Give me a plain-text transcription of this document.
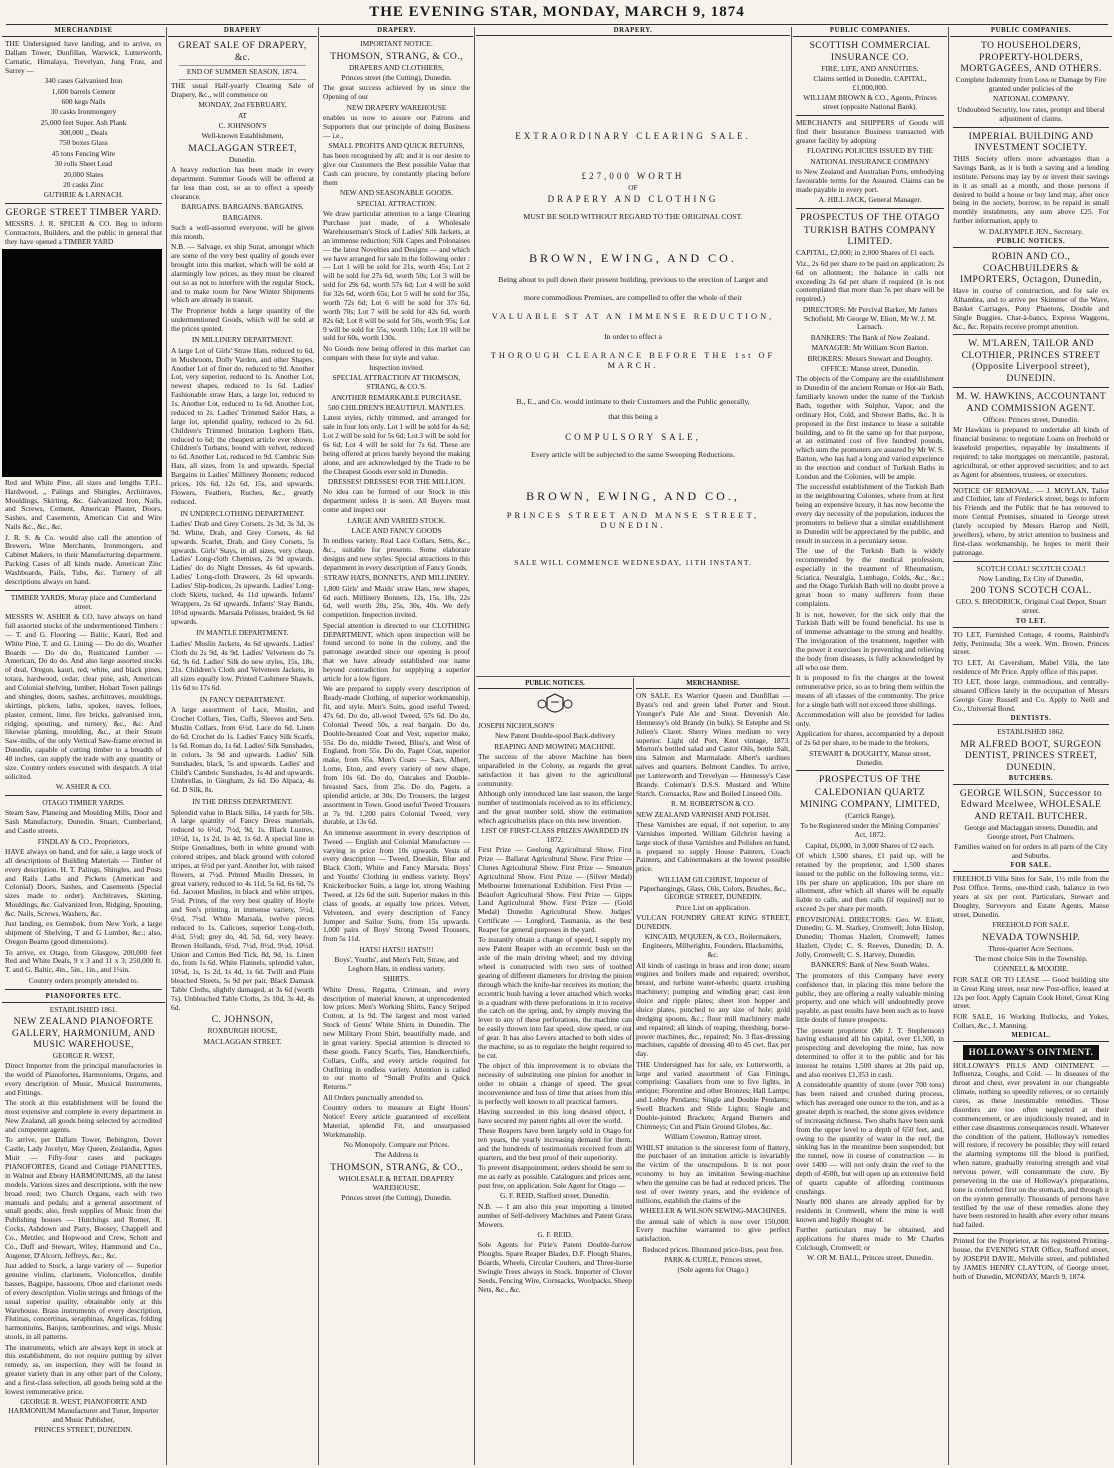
THE EVENING STAR, MONDAY, MARCH 9, 1874
MERCHANDISE

THE Undersigned have landing, and to arrive, ex Dallam Tower, Dunfillan, Warwick, Lutterworth, Carnatic, Himalaya, Trevelyan, Jung Frau, and Surrey —

340 cases Galvanised Iron

1,600 barrels Cement

600 kegs Nails

30 casks Ironmongery

25,000 feet Super. Ash Plank

300,000 ,, Deals

750 boxes Glass

45 tons Fencing Wire

30 rolls Sheet Lead

20,000 Slates

20 casks Zinc

GUTHRIE & LARNACH.

GEORGE STREET TIMBER YARD.

MESSRS. J. R. SPICER & CO. Beg to inform Contractors, Builders, and the public in general that they have opened a TIMBER YARD

Red and White Pine, all sizes and lengths T.P.L. Hardwood, ,, Palings and Shingles, Architraves, Mouldings, Skirting, &c. Galvanized Iron, Nails, and Screws, Cement, American Plaster, Doors, Sashes, and Casements, American Cut and Wire Nails &c., &c., &c.

J. R. S. & Co. would also call the attention of Brewers, Wine Merchants, Ironmongers, and Cabinet Makers, to their Manufacturing department. Packing Cases of all kinds made. American Zinc Washboards, Pails, Tubs, &c. Turnery of all descriptions always on hand.

TIMBER YARDS, Moray place and Cumberland street.

MESSRS W. ASHER & CO. have always on hand full assorted stocks of the undermentioned Timbers :— T. and G. Flooring — Baltic, Kauri, Red and White Pine, T. and G. Lining — Do do do, Weather Boards — Do do do, Rusticated Lumber — American, Do do do. And also large assorted stocks of deal, Oregon, kauri, red, white, and black pines, totara, hardwood, cedar, clear pine, ash, American and Colonial shelving, lumber, Hobart Town palings and shingles, doors, sashes, architraves, mouldings, skirtings, pickets, laths, spokes, naves, felloes, plaster, cement, lime, fire bricks, galvanised iron, ridging, spouting, and turnery, &c., &c. And likewise planing, moulding, &c., at their Steam Saw-mills, of the only Vertical Saw-frame erected in Dunedin, capable of cutting timber to a breadth of 48 inches, can supply the trade with any quantity or size. Country orders executed with despatch. A trial solicited.

W. ASHER & CO.

OTAGO TIMBER YARDS.

Steam Saw, Planeing and Moulding Mills, Door and Sash Manufactory, Dunedin. Stuart, Cumberland, and Castle streets.

FINDLAY & CO., Proprietors,

HAVE always on hand, and for sale, a large stock of all descriptions of Building Materials — Timber of every description. H. T. Palings, Shingles, and Posts and Rails Laths and Pickets (American and Colonial) Doors, Sashes, and Casements (Special sizes made to order). Architraves, Skirting, Mouldings, &c. Galvanized Iron, Ridging, Spouting, &c. Nails, Screws, Washers, &c.

Just landing, ex Gemsbok, from New York, a large shipment of Shelving, T and G Lumber, &c.; also, Oregon Beams (good dimensions).

To arrive, ex Otago, from Glasgow, 200,000 feet Red and White Deals, 9 x 3 and 11 x 3; 250,000 ft. T. and G. Baltic, 4in., 5in., 1in., and 1¼in.

Country orders promptly attended to.

PIANOFORTES ETC.

ESTABLISHED 1861.

NEW ZEALAND PIANOFORTE GALLERY, HARMONIUM, AND MUSIC WAREHOUSE,

GEORGE R. WEST,

Direct Importer from the principal manufactories in the world of Pianofortes, Harmoniums, Organs, and every description of Music, Musical Instruments, and Fittings.

The stock at this establishment will be found the most extensive and complete in every department in New Zealand, all goods being selected by accredited and competent agents.

To arrive, per Dallam Tower, Bebington, Dover Castle, Lady Jocelyn, May Queen, Zealandia, Agnes Muir — Fifty-four cases and packages PIANOFORTES, Grand and Cottage PIANETTES, in Walnut and Ebony HARMONIUMS, all the latest models. Various sizes and descriptions, with the new broad reed; two Church Organs, each with two manuals and pedals; and a general assortment of small goods; also, fresh supplies of Music from the Publishing houses — Hutchings and Romer, R. Cocks, Ashdown and Parry, Boosey, Chappell and Co., Metzler, and Hopwood and Crew, Schott and Co., Duff and Stewart, Wiley, Hammond and Co., Augener, D'Alcorn, Jeffreys, &c., &c.

Just added to Stock, a large variety of — Superior genuine violins, clarionets, Violoncellos, double basses, Bagpipe, bassoons, Oboe and clarionet reeds of every description. Violin strings and fittings of the usual superior quality, obtainable only at this Warehouse. Brass instruments of every description, Flutinas, concertinas, seraphinas, Angelicas, folding harmoniums, Banjos, tambourines, and wigs. Music stools, in all patterns.

The instruments, which are always kept in stock at this establishment, do not require putting by silver remedy, as, on inspection, they will be found in greater variety than in any other part of the Colony, and a first-class selection, all goods being sold at the lowest remunerative price.

GEORGE R. WEST, PIANOFORTE AND HARMONIUM Manufacturer and Tuner, Importer and Music Publisher,

PRINCES STREET, DUNEDIN.

DRAPERY

GREAT SALE OF DRAPERY, &c.

END OF SUMMER SEASON, 1874.

THE usual Half-yearly Clearing Sale of Drapery, &c., will commence on

MONDAY, 2nd FEBRUARY,

AT

C. JOHNSON'S

Well-known Establishment,

MACLAGGAN STREET,

Dunedin.

A heavy reduction has been made in every department. Summer Goods will be offered at far less than cost, so as to effect a speedy clearance.

BARGAINS. BARGAINS. BARGAINS.

BARGAINS.

Such a well-assorted everyone, will be given this month.

N.B. — Salvage, ex ship Surat, amongst which are some of the very best quality of goods ever brought into this market, which will be sold at alarmingly low prices, as they must be cleared out so as not to interfere with the regular Stock, and to make room for New Winter Shipments which are already in transit.

The Proprietor holds a large quantity of the undermentioned Goods, which will be sold at the prices quoted.

IN MILLINERY DEPARTMENT.

A large Lot of Girls' Straw Hats, reduced to 6d, in Mushroom, Dolly Varden, and other Shapes. Another Lot of finer do, reduced to 9d. Another Lot, very superior, reduced to 1s. Another Lot, newest shapes, reduced to 1s 6d. Ladies' Fashionable straw Hats, a large lot, reduced to 1s. Another Lot, reduced to 1s 6d. Another Lot, reduced to 2s. Ladies' Trimmed Sailor Hats, a large lot, splendid quality, reduced to 2s 6d. Children's Trimmed Imitation Leghorn Hats, reduced to 6d; the cheapest article ever shown. Children's Turbans, bound with velvet, reduced to 6d. Another Lot, reduced to 9d. Cambric Sun Hats, all sizes, from 1s and upwards. Special Bargains in Ladies' Millinery Bonnets; reduced prices, 10s 6d, 12s 6d, 15s, and upwards. Flowers, Feathers, Ruches, &c., greatly reduced.

IN UNDERCLOTHING DEPARTMENT.

Ladies' Drab and Grey Corsets, 2s 3d, 3s 3d, 3s 9d. White, Drab, and Grey Corsets, 4s 6d upwards. Scarlet, Drab, and Grey Corsets, 5s upwards. Girls' Stays, in all sizes, very cheap. Ladies' Long-cloth Chemises, 2s 9d upwards. Ladies' do do Night Dresses, 4s 6d upwards. Ladies' Long-cloth Drawers, 2s 6d upwards. Ladies' Slip-bodices, 2s upwards. Ladies' Long-cloth Skirts, tucked, 4s 11d upwards. Infants' Wrappers, 2s 6d upwards. Infants' Stay Bands, 10½d upwards. Marsala Pelisses, braided, 9s 6d upwards.

IN MANTLE DEPARTMENT.

Ladies' Muslin Jackets, 4s 6d upwards. Ladies' Cloth do 2s 9d, 4s 9d. Ladies' Velveteen do 7s 6d, 9s 6d. Ladies' Silk do new styles, 15s, 18s, 21s. Children's Cloth and Velveteen Jackets, in all sizes equally low. Printed Cashmere Shawls, 11s 6d to 17s 6d.

IN FANCY DEPARTMENT.

A large assortment of Lace, Muslin, and Crochet Collars, Ties, Cuffs, Sleeves and Sets. Muslin Collars, from 6½d. Lace do 6d. Linen do 6d. Crochet do 1s. Ladies' Fancy Silk Scarfs, 1s 6d. Roman do, 1s 6d. Ladies' Silk Sunshades, in colors, 3s 9d and upwards. Ladies' Silk Sunshades, black, 5s and upwards. Ladies' and Child's Cambric Sunshades, 1s 4d and upwards. Umbrellas, in Gingham, 2s 6d. Do Alpaca, 4s 6d. D Silk, 8s.

IN THE DRESS DEPARTMENT.

Splendid value in Black Silks, 14 yards for 50s. A large quantity of Fancy Dress materials, reduced to 6½d, 7½d, 9d, 1s. Black Lustres, 10½d, 1s, 1s 2d, 1s 4d, 1s 6d. A special line in Stripe Grenadines, both in white ground with colored stripes, and black ground with colored stripes, at 6½d per yard. Another lot, with raised flowers, at 7½d. Printed Muslin Dresses, in great variety, reduced to 4s 11d, 5s 6d, 6s 6d, 7s 6d. Jaconet Muslins, in black and white stripes, 5½d. Prints, of the very best quality of Hoyle and Son's printing, in immense variety, 5½d, 6½d, 7½d. White Marsala, twelve pieces reduced to 1s. Calicoes, superior Long-cloth, 4½d, 5½d; grey do, 4d, 5d, 6d, very heavy. Brown Hollands, 6½d, 7½d, 8½d, 9½d, 10½d. Union and Cotton Bed Tick, 8d, 9d, 1s. Linen do, from 1s 6d. White Flannels, splendid value, 10½d, 1s, 1s 2d, 1s 4d, 1s 6d. Twill and Plain bleached Sheets, 5s 9d per pair. Black Damask Table Cloths, slightly damaged, at 3s 6d (worth 7s). Unbleached Table Cloths, 2s 10d, 3s 4d, 4s 6d.

C. JOHNSON,

ROXBURGH HOUSE,

MACLAGGAN STREET.

DRAPERY.

IMPORTANT NOTICE.

THOMSON, STRANG, & CO.,

DRAPERS AND CLOTHIERS,

Princes street (the Cutting), Dunedin.

The great success achieved by us since the Opening of our

NEW DRAPERY WAREHOUSE

enables us now to assure our Patrons and Supporters that our principle of doing Business — i.e.,

SMALL PROFITS AND QUICK RETURNS,

has been recognised by all; and it is our desire to give our Customers the Best possible Value that Cash can procure, by constantly placing before them

NEW AND SEASONABLE GOODS.

SPECIAL ATTRACTION.

We draw particular attention to a large Clearing Purchase just made, of a Wholesale Warehouseman's Stock of Ladies' Silk Jackets, at an immense reduction; Silk Capes and Polonaises — the latest Novelties and Designs — and which we have arranged for sale in the following order :— Lot 1 will be sold for 21s, worth 45s; Lot 2 will be sold for 27s 6d, worth 50s; Lot 3 will be sold for 29s 6d, worth 57s 6d; Lot 4 will be sold for 32s 6d, worth 65s; Lot 5 will be sold for 35s, worth 72s 6d; Lot 6 will be sold for 37s 6d, worth 70s; Lot 7 will be sold for 42s 6d, worth 82s 6d; Lot 8 will be sold for 50s, worth 95s; Lot 9 will be sold for 55s, worth 110s; Lot 10 will be sold for 60s, worth 130s.

No Goods now being offered in this market can compare with these for style and value.

Inspection invited.

SPECIAL ATTRACTION AT THOMSON, STRANG, & CO.'S.

ANOTHER REMARKABLE PURCHASE.

500 CHILDREN'S BEAUTIFUL MANTLES.

Latest styles, richly trimmed, and arranged for sale in four lots only. Lot 1 will be sold for 4s 6d; Lot 2 will be sold for 5s 6d; Lot 3 will be sold for 6s 6d; Lot 4 will be sold for 7s 6d. These are being offered at prices barely beyond the making alone, and are acknowledged by the Trade to be the Cheapest Goods ever sold in Dunedin.

DRESSES! DRESSES! FOR THE MILLION.

No idea can be formed of our Stock in this department unless it is seen. All Buyers must come and inspect our

LARGE AND VARIED STOCK.

LACE AND FANCY GOODS

In endless variety. Real Lace Collars, Setts, &c., &c., suitable for presents. Some elaborate designs and new styles. Special attractions in this department in every description of Fancy Goods.

STRAW HATS, BONNETS, AND MILLINERY.

1,800 Girls' and Maids' straw Hats, new shapes, 6d each. Millinery Bonnets, 12s, 15s, 18s, 22s 6d, well worth 20s, 25s, 30s, 40s. We defy competition. Inspection invited.

Special attention is directed to our CLOTHING DEPARTMENT, which upon inspection will be found second to none in the colony, and the patronage awarded since our opening is proof that we have already established our name beyond contradiction for supplying a superior article for a low figure.

We are prepared to supply every description of Ready-made Clothing, of superior workmanship, fit, and style. Men's Suits, good useful Tweed, 47s 6d. Do do, all-wool Tweed, 57s 6d. Do do, Colonial Tweed 50s, a real bargain. Do do, Double-breasted Coat and Vest, superior make, 55s. Do do, middle Tweed, Bliss's, and West of England, from 55s. Do do, Paget Coat, superior make, from 65s. Men's Coats — Sacs, Albert, Lorne, Eton, and every variety of new shape, from 10s 6d. Do do, Oatcakes and Double-breasted Sacs, from 25s. Do do, Pagets, a splendid article, at 30s. Do Trousers, the largest assortment in Town. Good useful Tweed Trousers at 7s 9d. 1,200 pairs Colonial Tweed, very durable, at 13s 6d.

An immense assortment in every description of Tweed — English and Colonial Manufacture — varying in price from 10s upwards. Vests of every description — Tweed, Doeskin, Blue and Black Cloth, White and Fancy Marsala. Boys' and Youths' Clothing in endless variety. Boys' Knickerbocker Suits, a large lot, strong Washing Tweed, at 12s 6d the suit. Superior makes in this class of goods, at equally low prices. Velvet, Velveteen, and every description of Fancy Jumper and Sailor Suits, from 15s upwards. 1,000 pairs of Boys' Strong Tweed Trousers, from 5s 11d.

HATS! HATS!! HATS!!!

Boys', Youths', and Men's Felt, Straw, and Leghorn Hats, in endless variety.

SHIRTS.

White Dress, Regatta, Crimean, and every description of material known, at unprecedented low prices. Men's Working Shirts, Fancy Striped Cotton, at 1s 9d. The largest and most varied Stock of Gents' White Shirts in Dunedin. The new Military Front Shirt, beautifully made, and in great variety. Special attention is directed to these goods. Fancy Scarfs, Ties, Handkerchiefs, Collars, Cuffs, and every article required for Outfitting in endless variety. Attention is called to our motto of “Small Profits and Quick Returns.”

All Orders punctually attended to.

Country orders to measure at Eight Hours' Notice! Every article guaranteed of excellent Material, splendid Fit, and unsurpassed Workmanship.

No Monopoly. Compare our Prices.

The Address is

THOMSON, STRANG, & CO.,

WHOLESALE & RETAIL DRAPERY WAREHOUSE,

Princes street (the Cutting), Dunedin.

DRAPERY.

EXTRAORDINARY CLEARING SALE.

£27,000 WORTH

OF

DRAPERY AND CLOTHING

MUST BE SOLD WITHOUT REGARD TO THE ORIGINAL COST.

BROWN, EWING, AND CO.

Being about to pull down their present building, previous to the erection of Larger and

more commodious Premises, are compelled to offer the whole of their

VALUABLE ST AT AN IMMENSE REDUCTION,

In order to effect a

THOROUGH CLEARANCE BEFORE THE 1st OF MARCH.

B., E., and Co. would intimate to their Customers and the Public generally,

that this being a

COMPULSORY SALE,

Every article will be subjected to the same Sweeping Reductions.

BROWN, EWING, AND CO.,

PRINCES STREET AND MANSE STREET, DUNEDIN.

SALE WILL COMMENCE WEDNESDAY, 11TH INSTANT.

PUBLIC NOTICES.

JOSEPH NICHOLSON'S

New Patent Double-spool Back-delivery

REAPING AND MOWING MACHINE.

The success of the above Machine has been unparalleled in the Colony, as regards the great satisfaction it has given to the agricultural community.

Although only introduced late last season, the large number of testimonials received as to its efficiency, and the great number sold, show the estimation which agriculturists place on this new invention.

LIST OF FIRST-CLASS PRIZES AWARDED IN 1872.

First Prize — Geelong Agricultural Show. First Prize — Ballarat Agricultural Show. First Prize — Clunes Agricultural Show. First Prize — Smeaton Agricultural Show. First Prize — (Silver Medal) Melbourne International Exhibition. First Prize — Beaufort Agricultural Show. First Prize — Gipps Land Agricultural Show. First Prize — (Gold Medal) Dunedin Agricultural Show. Judges' Certificate — Longford, Tasmania, as the best Reaper for general purposes in the yard.

To instantly obtain a change of speed, I supply my new Patent Reaper with an eccentric bush on the axle of the main driving wheel; and my driving wheel is constructed with two sets of toothed gearing of different diameters for driving the pinion through which the knife-bar receives its motion; the eccentric bush having a lever attached which works in a quadrant with three perforations in it to receive the catch on the spring, and, by simply moving the lever to any of these perforations, the machine can be easily thrown into fast speed, slow speed, or out of gear. It has also Levers attached to both sides of the machine, so as to regulate the height required to be cut.

The object of this improvement is to obviate the necessity of substituting one pinion for another in order to obtain a change of speed. The great inconvenience and loss of time that arises from this is perfectly well known to all practical farmers.

Having succeeded in this long desired object, I have secured my patent rights all over the world.

These Reapers have been largely sold in Otago for ten years, the yearly increasing demand for them, and the hundreds of testimonials received from all quarters, and the best proof of their superiority.

To prevent disappointment, orders should be sent to me as early as possible. Catalogues and prices sent, post free, on application. Sole Agent for Otago —

G. F. REID, Stafford street, Dunedin.

N.B. — I am also this year importing a limited number of Self-delivery Machines and Patent Grass Mowers.

G. F. REID.

Sole Agents for Pirie's Patent Double-furrow Ploughs. Spare Reaper Blades, D.F. Plough Shares, Boards, Wheels, Circular Coulters, and Three-horse Swingle Trees always in Stock. Importer of Clover Seeds, Fencing Wire, Cornsacks, Woolpacks, Sheep Nets, &c., &c.

MERCHANDISE.

ON SALE. Ex Warrior Queen and Dunfillan — Byass's red and green label Porter and Stout. Younger's Pale Ale and Stout. Devenish Ale. Hennessy's old Brandy (in bulk). St Estephe and St Julien's Claret. Sherry Wines medium to very superior. Light old Port, Kent vintage, 1873. Morton's bottled salad and Castor Oils, bottle Salt, tins Salmon and Marmalade. Albert's sardines salves and quarters. Belmont Candles. To arrive, per Lutterworth and Trevelyan — Hennessy's Case Brandy. Coleman's D.S.S. Mustard and White Starch. Cornsacks, Raw and Boiled Linseed Oils.

R. M. ROBERTSON & CO.

NEW ZEALAND VARNISH AND POLISH.

These Varnishes are equal, if not superior, to any Varnishes imported. William Gilchrist having a large stock of these Varnishes and Polishes on hand, is prepared to supply House Painters, Coach Painters, and Cabinetmakers at the lowest possible price.

WILLIAM GILCHRIST, Importer of Paperhangings, Glass, Oils, Colors, Brushes, &c., GEORGE STREET, DUNEDIN.

Price List on application.

VULCAN FOUNDRY GREAT KING STREET, DUNEDIN.

KINCAID, M'QUEEN, & CO., Boilermakers, Engineers, Millwrights, Founders, Blacksmiths, &c.

All kinds of castings in brass and iron done; steam engines and boilers made and repaired; overshot, breast, and turbine water-wheels; quartz crushing machinery; pumping and winding gear; cast iron sluice and ripple plates; sheet iron hopper and sluice plates, punched to any size of hole; gold dredging spoons, &c.; flour mill machinery made and repaired; all kinds of reaping, threshing, horse-power machines, &c., repaired; No. 3 flax-dressing machines, capable of dressing 40 to 45 cwt. flax per day.

THE Undersigned has for sale, ex Lutterworth, a large and varied assortment of Gas Fittings, comprising: Gasaliers from one to five lights, in antique; Florentine and other Bronzes; Hall Lamps; and Lobby Pendants; Single and Double Pendants; Swell Brackets and Slide Lights; Single and Double-jointed Brackets; Argand Burners and Chimneys; Cut and Plain Ground Globes, &c.

William Cowston, Rattray street.

WHILST imitation is the sincerest form of flattery, the purchaser of an imitation article is invariably the victim of the unscrupulous. It is not poor economy to buy an imitation Sewing-machine when the genuine can be had at reduced prices. The test of over twenty years, and the evidence of millions, establish the claims of the

WHEELER & WILSON SEWING-MACHINES,

the annual sale of which is now over 150,000. Every machine warranted to give perfect satisfaction.

Reduced prices. Illustrated price-lists, post free.

PARK & CURLE, Princes street,

(Sole agents for Otago.)

PUBLIC COMPANIES.

SCOTTISH COMMERCIAL INSURANCE CO.

FIRE, LIFE, AND ANNUITIES.

Claims settled in Dunedin. CAPITAL, £1,000,000.

WILLIAM BROWN & CO., Agents, Princes street (opposite National Bank).

MERCHANTS and SHIPPERS of Goods will find their Insurance Business transacted with greater facility by adopting

FLOATING POLICIES ISSUED BY THE

NATIONAL INSURANCE COMPANY

to New Zealand and Australian Ports, embodying favourable terms for the Assured. Claims can be made payable in every port.

A. HILL JACK, General Manager.

PROSPECTUS OF THE OTAGO

TURKISH BATHS COMPANY LIMITED.

CAPITAL, £2,000; in 2,000 Shares of £1 each.

Viz., 2s 6d per share to be paid on application; 2s 6d on allotment; the balance in calls not exceeding 2s 6d per share if required (it is not contemplated that more than 5s per share will be required.)

DIRECTORS: Mr Percival Barker, Mr James Schofield, Mr George W. Eliott, Mr W. J. M. Larnach.

BANKERS: The Bank of New Zealand.

MANAGER: Mr William Scott Barton.

BROKERS: Messrs Stewart and Doughty.

OFFICE: Manse street, Dunedin.

The objects of the Company are the establishment in Dunedin of the ancient Roman or Hot-air Bath, familiarly known under the name of the Turkish Bath, together with Sulphur, Vapor, and the ordinary Hot, Cold, and Shower Baths, &c. It is proposed in the first instance to lease a suitable building, and to fit the same up for that purpose, at an estimated cost of five hundred pounds, which sum the promoters are assured by Mr W. S. Barton, who has had a long and varied experience in the erection and conduct of Turkish Baths in London and the Colonies, will be ample.

The successful establishment of the Turkish Bath in the neighbouring Colonies, where from at first being an expensive luxury, it has now become the every day necessity of the population, induces the promoters to believe that a similar establishment in Dunedin will be appreciated by the public, and result in success in a pecuniary sense.

The use of the Turkish Bath is widely recommended by the medical profession, especially in the treatment of Rheumatism, Sciatica, Neuralgia, Lumbago, Colds, &c., &c.; and the Otago Turkish Bath will no doubt prove a great boon to many sufferers from these complaints.

It is not, however, for the sick only that the Turkish Bath will be found beneficial. Its use is of immense advantage to the strong and healthy. The invigoration of the treatment, together with the power it exercises in preventing and relieving the body from diseases, is fully acknowledged by all who use them.

It is proposed to fix the charges at the lowest remunerative price, so as to bring them within the means of all classes of the community. The price for a single bath will not exceed three shillings.

Accommodation will also be provided for ladies only.

Application for shares, accompanied by a deposit of 2s 6d per share, to be made to the brokers,

STEWART & DOUGHTY, Manse street, Dunedin.

PROSPECTUS OF THE

CALEDONIAN QUARTZ MINING COMPANY, LIMITED,

(Carrick Range),

To be Registered under the Mining Companies' Act, 1872.

Capital, £6,000, in 3,000 Shares of £2 each.

Of which 1,500 shares, £1 paid up, will be retained by the proprietor, and 1,500 shares issued to the public on the following terms, viz.: 10s per share on application, 10s per share on allotment, after which all shares will be equally liable to calls, and then calls (if required) not to exceed 2s per share per month.

PROVISIONAL DIRECTORS: Geo. W. Eliott, Dunedin; G. M. Starkey, Cromwell; John Hislop, Dunedin; Thomas Hazlett, Cromwell; James Hazlett, Clyde; C. S. Reeves, Dunedin; D. A. Jolly, Cromwell; C. S. Harvey, Dunedin.

BANKERS: Bank of New South Wales.

The promoters of this Company have every confidence that, in placing this mine before the public, they are offering a really valuable mining property, and one which will undoubtedly prove payable, as past results have been such as to leave little doubt of future prospects.

The present proprietor (Mr J. T. Stephenson) having exhausted all his capital, over £1,500, in prospecting and developing the mine, has now determined to offer it to the public and for his interest he retains 1,500 shares at 20s paid up, and also receives £1,353 in cash.

A considerable quantity of stone (over 700 tons) has been raised and crushed during process, which has averaged one ounce to the ton, and as a greater depth is reached, the stone gives evidence of increasing richness. Two shafts have been sunk from the upper level to a depth of 650 feet, and, owing to the quantity of water in the reef, the sinking has in the meantime been suspended; but the tunnel, now in course of construction — in over 1400 — will not only drain the reef to the depth of 450ft, but will open up an extensive field of quartz capable of affording continuous crushings.

Nearly 800 shares are already applied for by residents in Cromwell, where the mine is well known and highly thought of.

Further particulars may be obtained, and applications for shares made to Mr Charles Colclough, Cromwell; or

W. OR M. BALL, Princes street, Dunedin.

PUBLIC COMPANIES.

TO HOUSEHOLDERS, PROPERTY-HOLDERS, MORTGAGEES, AND OTHERS.

Complete Indemnity from Loss or Damage by Fire granted under policies of the

NATIONAL COMPANY.

Undoubted Security, low rates, prompt and liberal adjustment of claims.

IMPERIAL BUILDING AND INVESTMENT SOCIETY.

THIS Society offers more advantages than a Savings Bank, as it is both a saving and a lending institute. Persons may lay by or invest their savings in it as small as a month, and those persons if desired to build a house or buy land may, after once being in the society, borrow, to be repaid in small monthly instalments, any sum above £25. For further information, apply to

W. DALRYMPLE JEN., Secretary.

PUBLIC NOTICES.

ROBIN AND CO., COACHBUILDERS & IMPORTERS, Octagon, Dunedin,

Have in course of construction, and for sale ex Alhambra, and to arrive per Skimmer of the Wave, Basket Carriages, Pony Phaetons, Double and Single Buggies, Char-à-bancs, Express Waggons, &c., &c. Repairs receive prompt attention.

W. M'LAREN, TAILOR AND CLOTHIER, PRINCES STREET (Opposite Liverpool street), DUNEDIN.

M. W. HAWKINS, ACCOUNTANT AND COMMISSION AGENT.

Offices: Princes street, Dunedin.

Mr Hawkins is prepared to undertake all kinds of financial business: to negotiate Loans on freehold or leasehold properties, repayable by instalments if required; to take mortgages on mercantile, pastoral, agricultural, or other approved securities; and to act as Agent for absentees, trustees, or executors.

NOTICE OF REMOVAL. — J. MOYLAN, Tailor and Clothier, late of Frederick street, begs to inform his Friends and the Public that he has removed to more Central Premises, situated in George street (lately occupied by Messrs Harrop and Neill, jewellers), where, by strict attention to business and first-class workmanship, he hopes to merit their patronage.

SCOTCH COAL! SCOTCH COAL!

Now Landing, Ex City of Dunedin,

200 TONS SCOTCH COAL.

GEO. S. BRODRICK, Original Coal Depot, Stuart street.

TO LET.

TO LET, Furnished Cottage, 4 rooms, Rainbird's Jetty, Peninsula; 30s a week. Wm. Brown, Princes street.

TO LET, At Caversham, Mabel Villa, the late residence of Mr Price. Apply office of this paper.

TO LET, those large, commodious, and centrally-situated Offices lately in the occupation of Messrs George Gray Russell and Co. Apply to Neill and Co., Universal Bond.

DENTISTS.

ESTABLISHED 1862.

MR ALFRED BOOT, SURGEON DENTIST, PRINCES STREET, DUNEDIN.

BUTCHERS.

GEORGE WILSON, Successor to Edward Mcelwee, WHOLESALE AND RETAIL BUTCHER.

George and Maclaggan streets, Dunedin, and George street, Port Chalmers.

Families waited on for orders in all parts of the City and Suburbs.

FOR SALE.

FREEHOLD Villa Sites for Sale, 1½ mile from the Post Office. Terms, one-third cash, balance in two years at six per cent. Particulars, Stewart and Doughty, Surveyors and Estate Agents, Manse street, Dunedin.

FREEHOLD FOR SALE.

NEVADA TOWNSHIP.

Three-quarter Acre Sections.

The most choice Site in the Township.

CONNELL & MOODIE.

FOR SALE OR TO LEASE — Good building site in Great King street, near new Post-office, leased at 12s per foot. Apply Captain Cook Hotel, Great King street.

FOR SALE, 16 Working Bullocks, and Yokes, Collars, &c., J. Manning.

MEDICAL.

HOLLOWAY'S OINTMENT.

HOLLOWAY'S PILLS AND OINTMENT. — Influenza, Coughs, and Cold. — In diseases of the throat and chest, ever prevalent in our changeable climate, nothing so speedily relieves, or so certainly cures, as these inestimable remedies. Those disorders are too often neglected at their commencement, or are injudiciously treated, and in either case disastrous consequences result. Whatever the condition of the patient, Holloway's remedies will restore, if recovery be possible; they will retard the alarming symptoms till the blood is purified, when nature, gradually restoring strength and vital nervous power, will consummate the cure. By persevering in the use of Holloway's preparations, tone is conferred first on the stomach, and through it on the system generally. Thousands of persons have testified by the use of these remedies alone they have been restored to health after every other means had failed.

Printed for the Proprietor, at his registered Printing-house, the EVENING STAR Office, Stafford street, by JOSEPH DAVIE, Melville street, and published by JAMES HENRY CLAYTON, of George street, both of Dunedin, MONDAY, March 9, 1874.
